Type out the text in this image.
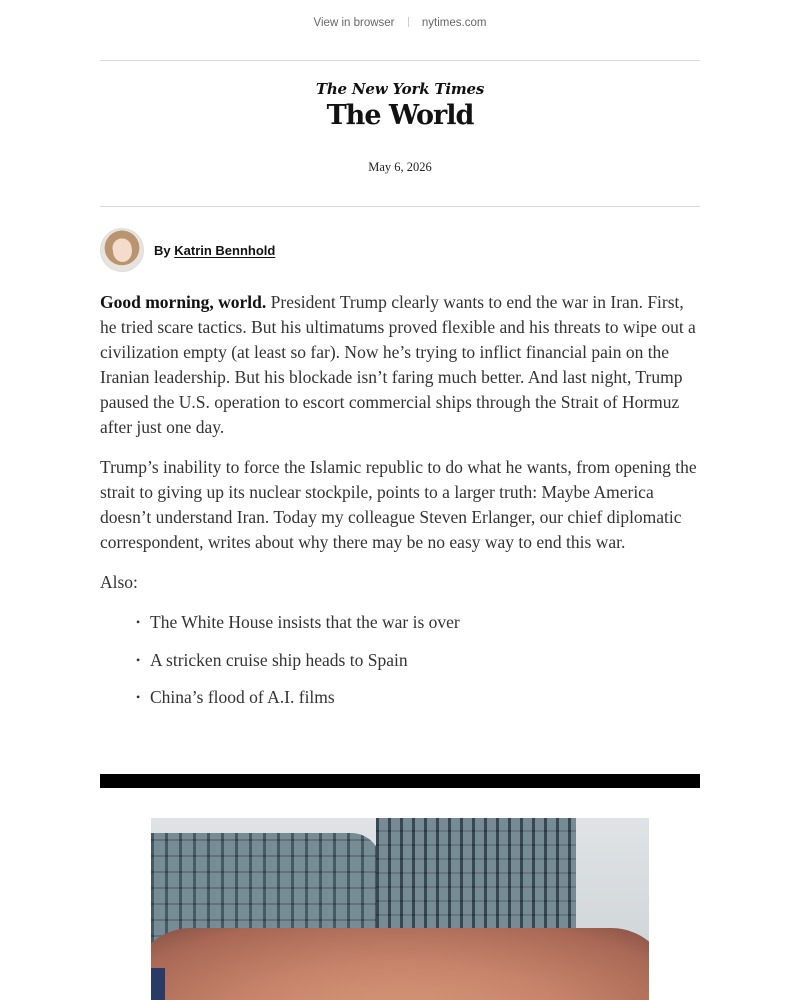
View in browser nytimes.com
The New York Times
The World
May 6, 2026
By Katrin Bennhold

Good morning, world. President Trump clearly wants to end the war in Iran. First, he tried scare tactics. But his ultimatums proved flexible and his threats to wipe out a civilization empty (at least so far). Now he’s trying to inflict financial pain on the Iranian leadership. But his blockade isn’t faring much better. And last night, Trump paused the U.S. operation to escort commercial ships through the Strait of Hormuz after just one day.

Trump’s inability to force the Islamic republic to do what he wants, from opening the strait to giving up its nuclear stockpile, points to a larger truth: Maybe America doesn’t understand Iran. Today my colleague Steven Erlanger, our chief diplomatic correspondent, writes about why there may be no easy way to end this war.

Also:

• The White House insists that the war is over
• A stricken cruise ship heads to Spain
• China’s flood of A.I. films
